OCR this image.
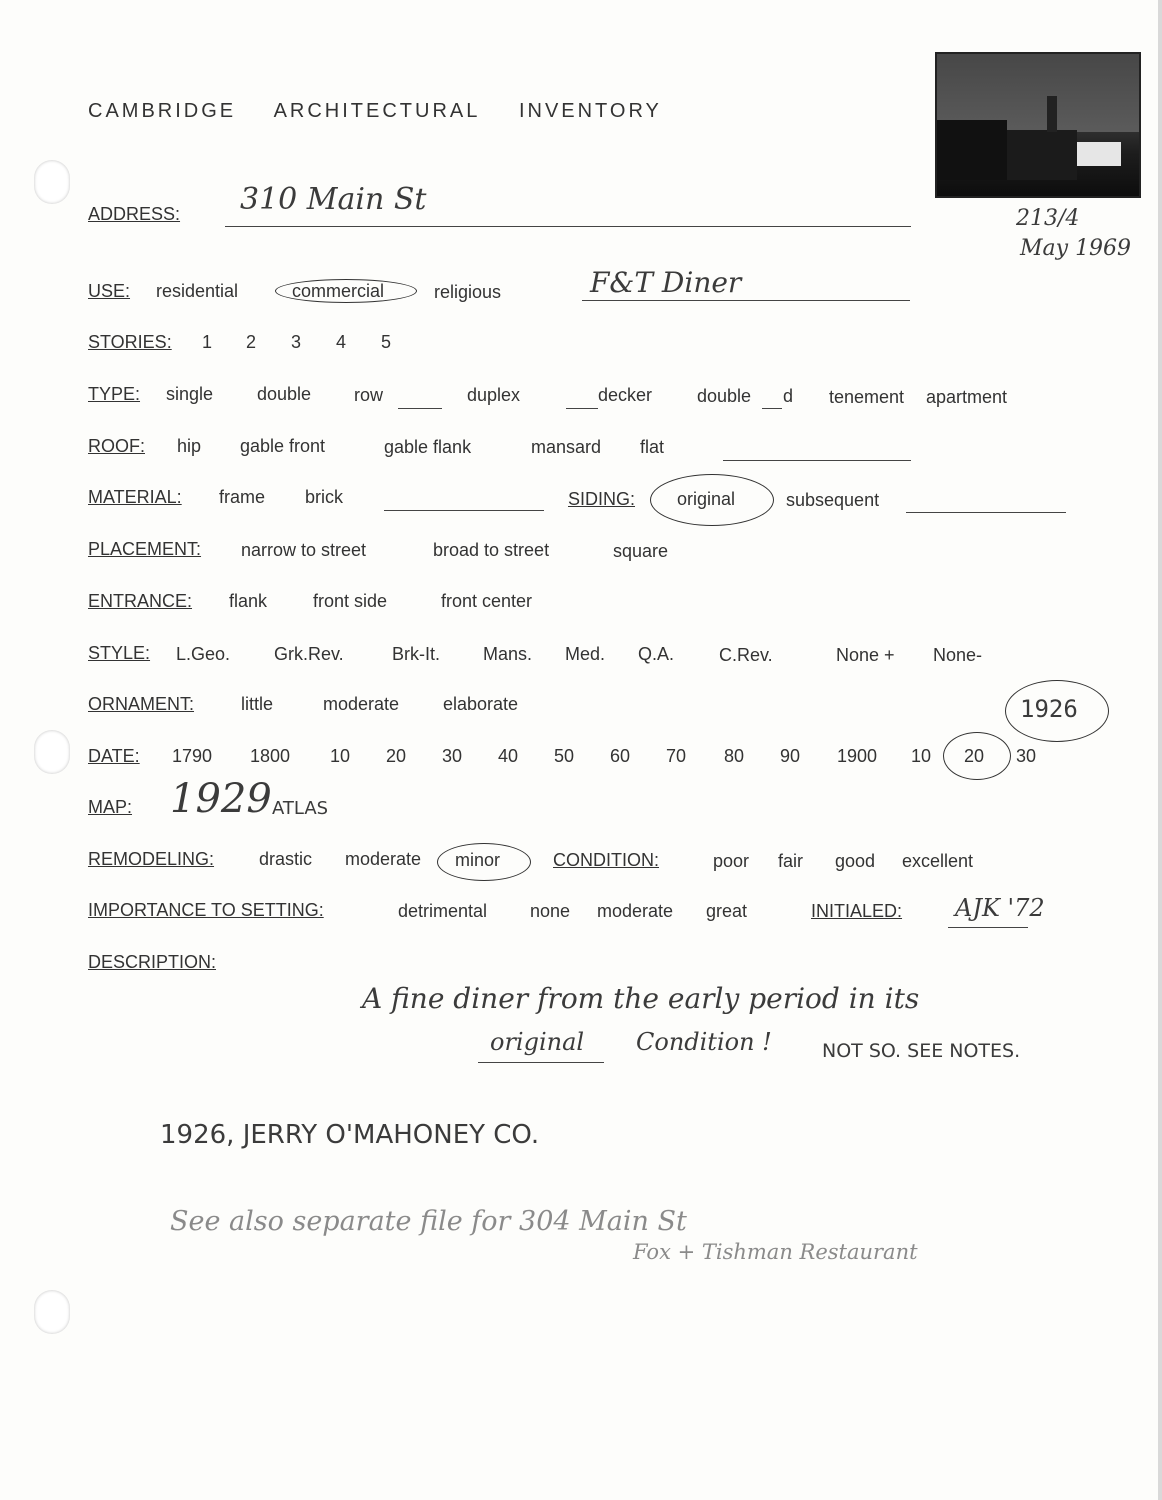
CAMBRIDGE ARCHITECTURAL INVENTORY
213/4
May 1969
ADDRESS:	310 Main St
USE:	residential	commercial	religious	F&T Diner
STORIES:	1 2 3 4 5
TYPE:	single double row	duplex	decker double d tenement apartment
ROOF:	hip gable front	gable flank	mansard flat
MATERIAL:	frame brick	SIDING: original	subsequent
PLACEMENT:	narrow to street	broad to street	square
ENTRANCE:	flank	front side	front center
STYLE:	L.Geo. Grk.Rev.	Brk-It. Mans. Med. Q.A. C.Rev.	None + None-
ORNAMENT:	little	moderate elaborate	1926
DATE:	1790 1800 10 20 30 40 50 60 70 80 90 1900 10 20 30
MAP: 1929 ATLAS
REMODELING:	drastic moderate minor	CONDITION:	poor fair good excellent
IMPORTANCE TO SETTING:	detrimental none moderate great	INITIALED: AJK '72
DESCRIPTION:
A fine diner from the early period in its
original Condition !	NOT SO. SEE NOTES.
1926, JERRY O'MAHONEY CO.
See also separate file for 304 Main St
Fox + Tishman Restaurant
